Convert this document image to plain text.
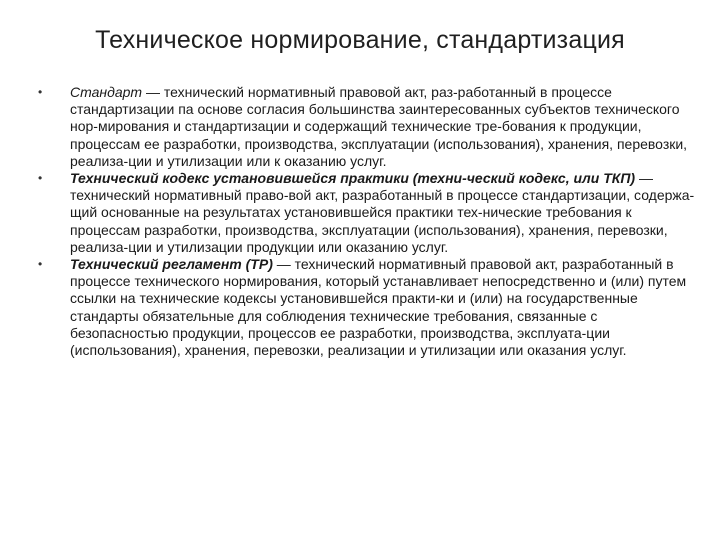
Техническое нормирование, стандартизация
•	Стандарт — технический нормативный правовой акт, раз-работанный в процессе стандартизации па основе согласия большинства заинтересованных субъектов технического нор-мирования и стандартизации и содержащий технические тре-бования к продукции, процессам ее разработки, производства, эксплуатации (использования), хранения, перевозки, реализа-ции и утилизации или к оказанию услуг.
•	Технический кодекс установившейся практики (техни-ческий кодекс, или ТКП) — технический нормативный право-вой акт, разработанный в процессе стандартизации, содержа-щий основанные на результатах установившейся практики тех-нические требования к процессам разработки, производства, эксплуатации (использования), хранения, перевозки, реализа-ции и утилизации продукции или оказанию услуг.
•	Технический регламент (ТР) — технический нормативный правовой акт, разработанный в процессе технического нормирования, который устанавливает непосредственно и (или) путем ссылки на технические кодексы установившейся практи-ки и (или) на государственные стандарты обязательные для соблюдения технические требования, связанные с безопасностью продукции, процессов ее разработки, производства, эксплуата-ции (использования), хранения, перевозки, реализации и утилизации или оказания услуг.
